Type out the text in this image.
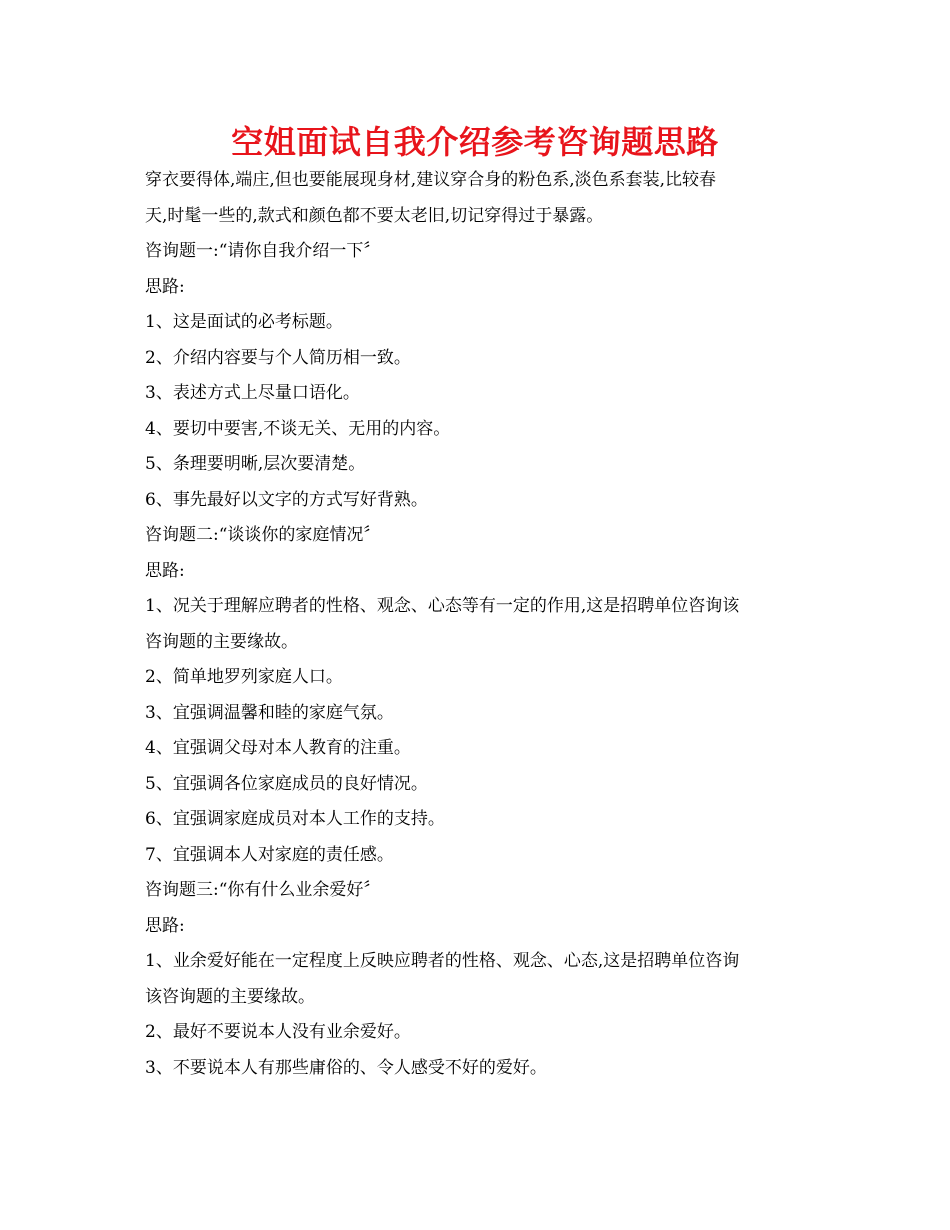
空姐面试自我介绍参考咨询题思路
穿衣要得体,端庄,但也要能展现身材,建议穿合身的粉色系,淡色系套装,比较春
天,时髦一些的,款式和颜色都不要太老旧,切记穿得过于暴露。
咨询题一:“请你自我介绍一下〞
思路:
1、这是面试的必考标题。
2、介绍内容要与个人简历相一致。
3、表述方式上尽量口语化。
4、要切中要害,不谈无关、无用的内容。
5、条理要明晰,层次要清楚。
6、事先最好以文字的方式写好背熟。
咨询题二:“谈谈你的家庭情况〞
思路:
1、况关于理解应聘者的性格、观念、心态等有一定的作用,这是招聘单位咨询该
咨询题的主要缘故。
2、简单地罗列家庭人口。
3、宜强调温馨和睦的家庭气氛。
4、宜强调父母对本人教育的注重。
5、宜强调各位家庭成员的良好情况。
6、宜强调家庭成员对本人工作的支持。
7、宜强调本人对家庭的责任感。
咨询题三:“你有什么业余爱好〞
思路:
1、业余爱好能在一定程度上反映应聘者的性格、观念、心态,这是招聘单位咨询
该咨询题的主要缘故。
2、最好不要说本人没有业余爱好。
3、不要说本人有那些庸俗的、令人感受不好的爱好。
